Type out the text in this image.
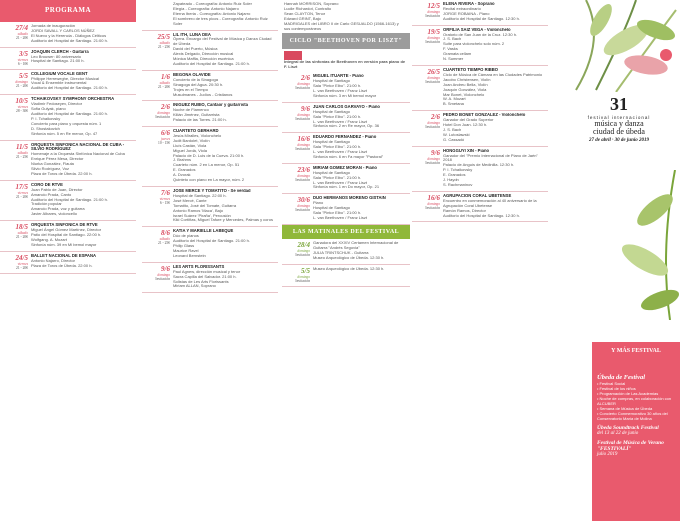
PROGRAMA
27/4
sábado
21 - 20€
Jornada de inauguración
JORDI SAVALL Y CARLOS NÚÑEZ
El Nuevo y la Herencia - Diálogos Célticos
Auditorio del Hospital de Santiago. 21:00 h.
3/5
viernes
6 - 10€
JOAQUÍN CLERCH - Guitarra
Leo Brouwer: 80 aniversario
Hospital de Santiago. 21:00 h.
5/5
domingo
21 - 20€
COLLEGIUM VOCALE GENT
Philippe Herreweghe, Director Musical
Vocal & Ensemble instrumental
Auditorio del Hospital de Santiago. 21:00 h.
10/5
viernes
28 - 30€
TCHAIKOVSKY SYMPHONY ORCHESTRA
Vladimir Fedoseyev, Director
Sofia Gulyak, piano
Auditorio del Hospital de Santiago. 21:00 h.
P. I. Tchaikovsky
Concierto para piano y orquesta núm. 1
D. Shostakovich
Sinfonía núm. 5 en Re menor, Op. 47
11/5
sábado
21 - 25€
ORQUESTA SINFÓNICA NACIONAL DE CUBA - SILVIO RODRÍGUEZ
Homenaje a la Orquesta Sinfónica Nacional de Cuba
Enrique Pérez Mesa, Director
Niurka González, Flauta
Silvio Rodríguez, Voz
Plaza de Toros de Úbeda. 22:00 h.
17/5
viernes
21 - 20€
CORO DE RTVE
Juan Pablo de Juan, Director
Amancio Prada, Canto
Auditorio del Hospital de Santiago. 21:00 h.
Tradición popular
Amancio Prada, voz y guitarra
Javier Albares, violoncello
18/5
sábado
21 - 20€
ORQUESTA SINFÓNICA DE RTVE
Miguel Ángel Gómez Martínez, Director
Patio del Hospital de Santiago. 22:00 h.
Wolfgang. A. Mozart
Sinfonía núm. 39 en Mi bemol mayor
24/5
viernes
21 - 20€
BALLET NACIONAL DE ESPAÑA
Antonio Najarro, Director
Plaza de Toros de Úbeda. 22:00 h.
Zapateado - Coreografía: Antonio Ruiz Soler
Elegía - Coreografía: Antonio Najarro
Eterna Iberia - Coreografía: Antonio Najarro
El sombrero de tres picos - Coreografía: Antonio Ruiz Soler
25/5
sábado
21 - 25€
LIL ITH, LUNA DEA
Ópera. Encargo del Festival de Música y Danza Ciudad de Úbeda
David del Puerto, Música
Alexis Delgado, Dirección musical
Mónica Maffia, Dirección escénica
Auditorio del Hospital de Santiago. 21:00 h.
1/6
sábado
21 - 20€
BEGOÑA OLAVIDE
Concierto de la Sinagoga
Sinagoga del Agua. 20:30 h.
Trojes en el Tiempo
Musulmanes - Judíos - Cristianos
2/6
domingo
Invitación
IÑIGUEZ RUBIO, Cantaor y guitarrista
Noche de Flamenco
Kilián Jiménez, Guitarrista
Palacio de las Torres. 21:00 h.
6/6
jueves
10 - 15€
CUARTETO GERHARD
Jesús Miralles, Violonchelo
Judit Bardolet, Violín
Lluís Castán, Viola
Miguel Jordà, Viola
Palacio de D. Luis de la Cueva. 21:00 h.
J. Brahms
Cuarteto núm. 2 en La menor, Op. 51
E. Granados
A. Dvorak
Quinteto con piano en La mayor, núm. 2
7/6
viernes
6 - 15€
JOSÉ MERCÉ Y TOMATITO - Se verdad
Hospital de Santiago. 22:00 h.
José Mercé, Cante
Tomatito, José del Tomate, Guitarra
Antonio Ramos 'Maca', Bajo
Israel Suárez 'Piraña', Percusión
Kiki Cortiñas, Miguel Tafure y Mercedes, Palmas y coros
8/6
sábado
21 - 25€
KATIA Y MARIELLE LABÈQUE
Dúo de pianos
Auditorio del Hospital de Santiago. 21:00 h.
Philip Glass
Maurice Ravel
Leonard Bernstein
9/6
domingo
Invitación
LES ARTS FLORISSANTS
Paul Agnew, dirección musical y tenor
Sacra Capilla del Salvador. 21:00 h.
Solistas de Les Arts Florissants
Miriam ALLAN, Soprano
Hannah MORRISON, Soprano
Lucile Richardot, Contralto
Sean CLAYTON, Tenor
Edward GRINT, Bajo
MADRIGALES del LIBRO II de Carlo GESUALDO (1566-1613) y sus contemporáneos
CICLO "BEETHOVEN POR LISZT"
Integral de las sinfonías de Beethoven en versión para piano de F. Liszt
2/6
domingo
Invitación
MIGUEL ITUARTE - Piano
Hospital de Santiago
Sala "Pintor Elbo". 21:00 h.
L. van Beethoven / Franz Liszt
Sinfonía núm. 3 en Mi bemol mayor
9/6
domingo
Invitación
JUAN CARLOS GARVAYO - Piano
Hospital de Santiago
Sala "Pintor Elbo". 21:00 h.
L. van Beethoven / Franz Liszt
Sinfonía núm. 2 en Re mayor, Op. 36
16/6
domingo
Invitación
EDUARDO FERNÁNDEZ - Piano
Hospital de Santiago
Sala "Pintor Elbo". 21:00 h.
L. van Beethoven / Franz Liszt
Sinfonía núm. 6 en Fa mayor "Pastoral"
23/6
domingo
Invitación
MIRIAM GÓMEZ MORÁN - Piano
Hospital de Santiago
Sala "Pintor Elbo". 21:00 h.
L. van Beethoven / Franz Liszt
Sinfonía núm. 1 en Do mayor, Op. 21
30/6
domingo
Invitación
DÚO HERMANOS MORENO GISTAÍN
Piano
Hospital de Santiago
Sala "Pintor Elbo". 21:00 h.
L. van Beethoven / Franz Liszt
LAS MATINALES DEL FESTIVAL
28/4
domingo
Invitación
Ganadora del XXXIV Certamen Internacional de Guitarra "Andrés Segovia"
JULIA TRINTSCHUK - Guitarra
Museo Arqueológico de Úbeda. 12:30 h.
5/5
domingo
Invitación
Museo Arqueológico de Úbeda. 12:30 h.
12/5
domingo
Invitación
ELENA RIVERA - Soprano
Recital extraordinario
JORGE ROBAINA - Piano
Auditorio del Hospital de Santiago. 12:30 h.
19/5
domingo
Invitación
ORFILIA SAIZ VEGA - Violonchelo
Oratorio de San Juan de la Cruz. 12:30 h.
J. S. Bach
Suite para violonchelo solo núm. 2
F. Vasks
Gramata cellam
N. Summer
26/5
domingo
Invitación
CUARTETO TIEMPO RIBBO
Ciclo de Música de Cámara en las Ciudades Patrimonio
Jacobo Christensen, Violín
Joan Andreu Bella, Violín
Joaquín González, Viola
Mar Bonet, Violonchelo
W. A. Mozart
B. Smetana
2/6
domingo
Invitación
PEDRO BONET GONZÁLEZ - Violonchelo
Ganador del Grado Superior
Hotel Don Juan. 12:30 h.
J. S. Bach
W. Lutoslawski
G. Cassadó
9/6
domingo
Invitación
HONGGUYI XIN - Piano
Ganador del "Premio Internacional de Piano de Jaén" 2018
Palacio de Anguís de Medinilla. 12:30 h.
P. I. Tchaikovsky
E. Granados
J. Haydn
S. Rachmaninov
16/6
domingo
Invitación
AGRUPACIÓN CORAL UBETENSE
Encuentro en conmemoración al 40 aniversario de la Agrupación Coral Ubetense
Ramón Ramos, Director
Auditorio del Hospital de Santiago. 12:30 h.
31
festival internacional
música y danza
ciudad de úbeda
27 de abril · 30 de junio 2019
Y MÁS FESTIVAL
Úbeda de Festival
• Festival Social
• Festival de los niños
• Programación de Las Academias
• Noche de compras, en colaboración con ALCUBER
• Semana de Música de Úbeda
• Concierto Conmemorativo 30 años del Conservatorio María de Molina
Úbeda Soundtrack Festival
del 13 al 22 de junio
Festival de Música de Verano "FESTIVALÍ"
julio 2019
